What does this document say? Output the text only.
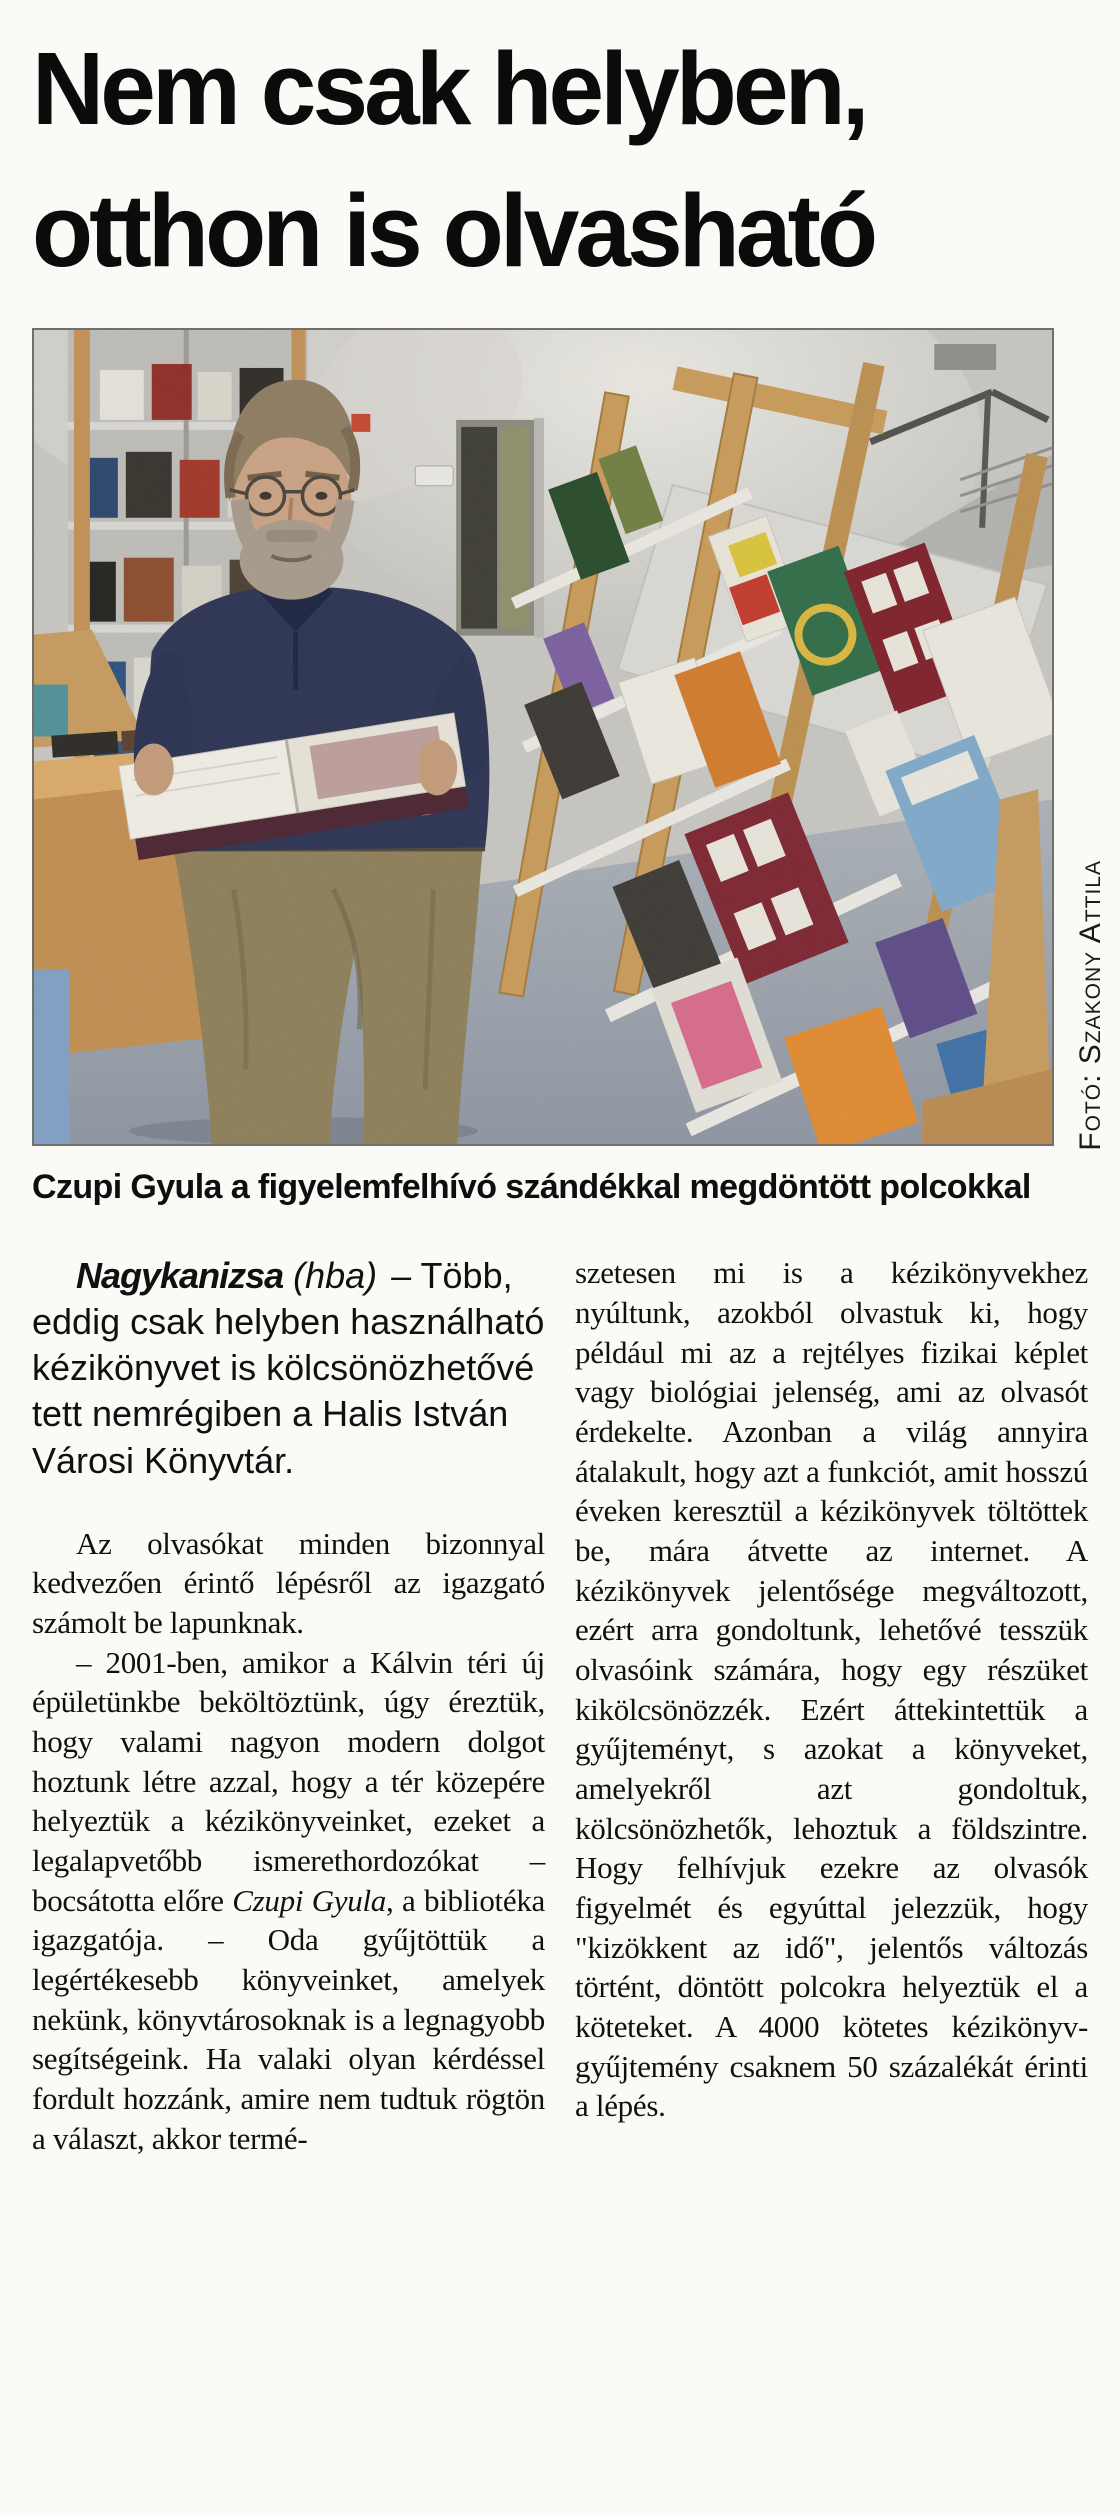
Nem csak helyben,
otthon is olvasható
Fotó: Szakony Attila
Czupi Gyula a figyelemfelhívó szándékkal megdöntött polcokkal

Nagykanizsa (hba) – Több, eddig csak helyben használható kézikönyvet is kölcsönözhetővé tett nemrégiben a Halis István Városi Könyvtár.

Az olvasókat minden bizonnyal kedvezően érintő lépésről az igazgató számolt be lapunknak.

– 2001-ben, amikor a Kálvin téri új épületünkbe beköltöztünk, úgy éreztük, hogy valami nagyon modern dolgot hoztunk létre azzal, hogy a tér közepére helyeztük a kézikönyveinket, ezeket a legalapvetőbb ismerethordozókat – bocsátotta előre Czupi Gyula, a bibliotéka igazgatója. – Oda gyűjtöttük a legértékesebb könyveinket, amelyek nekünk, könyvtárosoknak is a legnagyobb segítségeink. Ha valaki olyan kérdéssel fordult hozzánk, amire nem tudtuk rögtön a választ, akkor termé-

szetesen mi is a kézikönyvekhez nyúltunk, azokból olvastuk ki, hogy például mi az a rejtélyes fizikai képlet vagy biológiai jelenség, ami az olvasót érdekelte. Azonban a világ annyira átalakult, hogy azt a funkciót, amit hosszú éveken keresztül a kézikönyvek töltöttek be, mára átvette az internet. A kézikönyvek jelentősége megváltozott, ezért arra gondoltunk, lehetővé tesszük olvasóink számára, hogy egy részüket kikölcsönözzék. Ezért áttekintettük a gyűjteményt, s azokat a könyveket, amelyekről azt gondoltuk, kölcsönözhetők, lehoztuk a földszintre. Hogy felhívjuk ezekre az olvasók figyelmét és egyúttal jelezzük, hogy "kizökkent az idő", jelentős változás történt, döntött polcokra helyeztük el a köteteket. A 4000 kötetes kézikönyv-gyűjtemény csaknem 50 százalékát érinti a lépés.
